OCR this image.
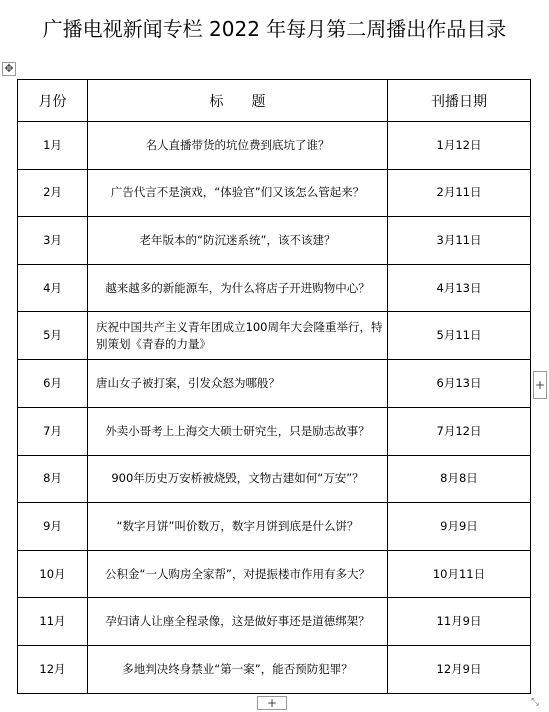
广播电视新闻专栏 2022 年每月第二周播出作品目录
✥
月份	标　　题	刊播日期
1月	名人直播带货的坑位费到底坑了谁？	1月12日
2月	广告代言不是演戏，“体验官”们又该怎么管起来？	2月11日
3月	老年版本的“防沉迷系统”，该不该建？	3月11日
4月	越来越多的新能源车，为什么将店子开进购物中心？	4月13日
5月	庆祝中国共产主义青年团成立100周年大会隆重举行，特别策划《青春的力量》	5月11日
6月	唐山女子被打案，引发众怒为哪般？	6月13日
7月	外卖小哥考上上海交大硕士研究生，只是励志故事？	7月12日
8月	900年历史万安桥被烧毁，文物古建如何“万安”？	8月8日
9月	“数字月饼”叫价数万，数字月饼到底是什么饼？	9月9日
10月	公积金“一人购房全家帮”，对提振楼市作用有多大？	10月11日
11月	孕妇请人让座全程录像，这是做好事还是道德绑架？	11月9日
12月	多地判决终身禁业“第一案”，能否预防犯罪？	12月9日
+
+	⤡
